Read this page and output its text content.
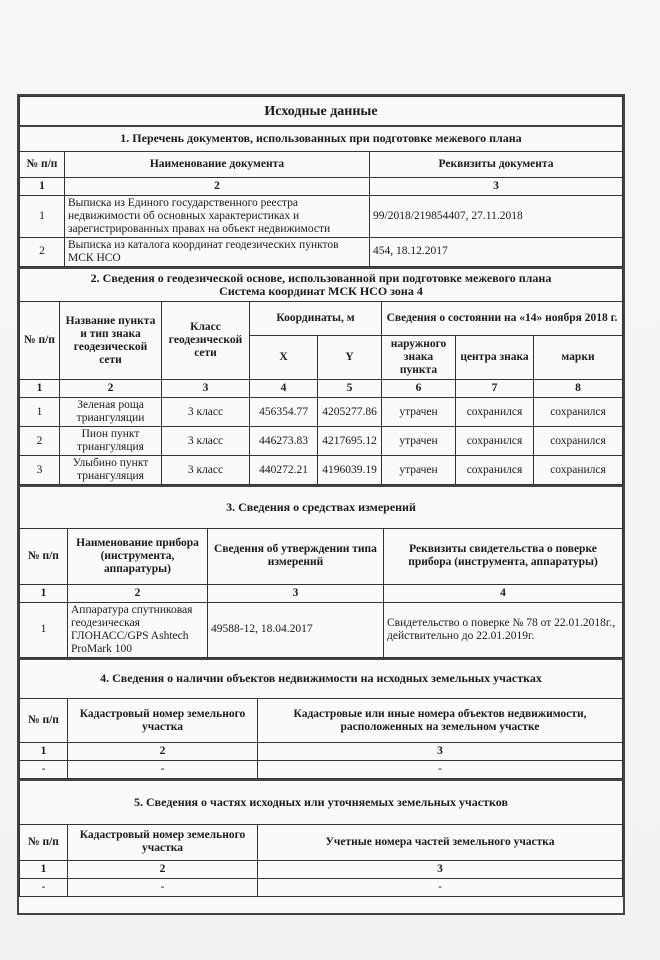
Исходные данные
1. Перечень документов, использованных при подготовке межевого плана		
№ п/п	Наименование документа	Реквизиты документа
1	2	3
1	Выписка из Единого государственного реестра недвижимости об основных характеристиках и зарегистрированных правах на объект недвижимости	99/2018/219854407, 27.11.2018
2	Выписка из каталога координат геодезических пунктов МСК НСО	454, 18.12.2017
2. Сведения о геодезической основе, использованной при подготовке межевого плана
Система координат МСК НСО зона 4							

№ п/п	Название пункта и тип знака геодезической сети	Класс геодезической сети	Координаты, м		Сведения о состоянии на «14» ноября 2018 г.		
			X	Y	наружного знака пункта	центра знака	марки
1	2	3	4	5	6	7	8
1	Зеленая роща триангуляции	3 класс	456354.77	4205277.86	утрачен	сохранился	сохранился
2	Пион пункт триангуляция	3 класс	446273.83	4217695.12	утрачен	сохранился	сохранился
3	Улыбино пункт триангуляция	3 класс	440272.21	4196039.19	утрачен	сохранился	сохранился
3. Сведения о средствах измерений			
№ п/п	Наименование прибора (инструмента, аппаратуры)	Сведения об утверждении типа измерений	Реквизиты свидетельства о поверке прибора (инструмента, аппаратуры)
1	2	3	4
1	Аппаратура спутниковая геодезическая ГЛОНАСС/GPS Ashtech ProMark 100	49588-12, 18.04.2017	Свидетельство о поверке № 78 от 22.01.2018г., действительно до 22.01.2019г.
4. Сведения о наличии объектов недвижимости на исходных земельных участках		
№ п/п	Кадастровый номер земельного участка	Кадастровые или иные номера объектов недвижимости, расположенных на земельном участке
1	2	3
-	-	-
5. Сведения о частях исходных или уточняемых земельных участков		
№ п/п	Кадастровый номер земельного участка	Учетные номера частей земельного участка
1	2	3
-	-	-
